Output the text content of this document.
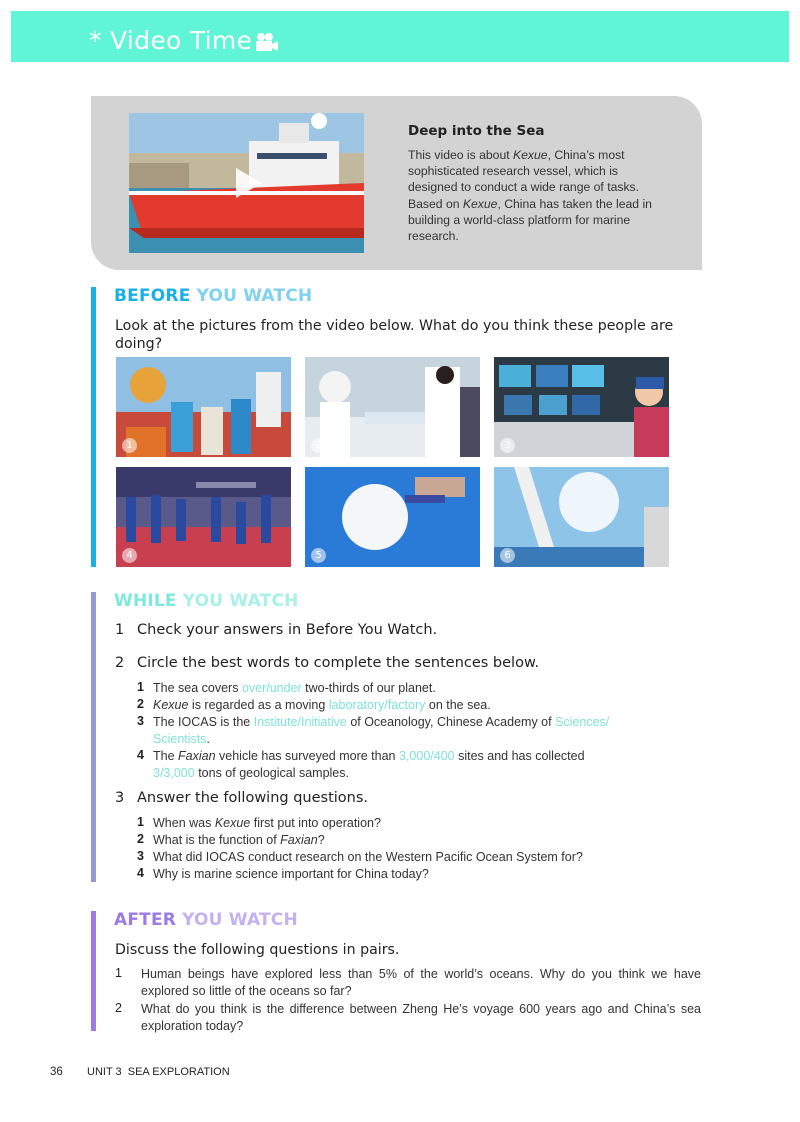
* Video Time
Deep into the Sea
This video is about Kexue, China’s most sophisticated research vessel, which is designed to conduct a wide range of tasks. Based on Kexue, China has taken the lead in building a world-class platform for marine research.
BEFORE YOU WATCH
Look at the pictures from the video below. What do you think these people are doing?
1	2	3
4	5	6
WHILE YOU WATCH
1 Check your answers in Before You Watch.
2 Circle the best words to complete the sentences below.
1 The sea covers over/under two-thirds of our planet.
2 Kexue is regarded as a moving laboratory/factory on the sea.
3 The IOCAS is the Institute/Initiative of Oceanology, Chinese Academy of Sciences/
Scientists.
4 The Faxian vehicle has surveyed more than 3,000/400 sites and has collected
3/3,000 tons of geological samples.
3 Answer the following questions.
1 When was Kexue first put into operation?
2 What is the function of Faxian?
3 What did IOCAS conduct research on the Western Pacific Ocean System for?
4 Why is marine science important for China today?
AFTER YOU WATCH
Discuss the following questions in pairs.
1 Human beings have explored less than 5% of the world’s oceans. Why do you think we have explored so little of the oceans so far?
2 What do you think is the difference between Zheng He’s voyage 600 years ago and China’s sea exploration today?
36 UNIT 3  SEA EXPLORATION
